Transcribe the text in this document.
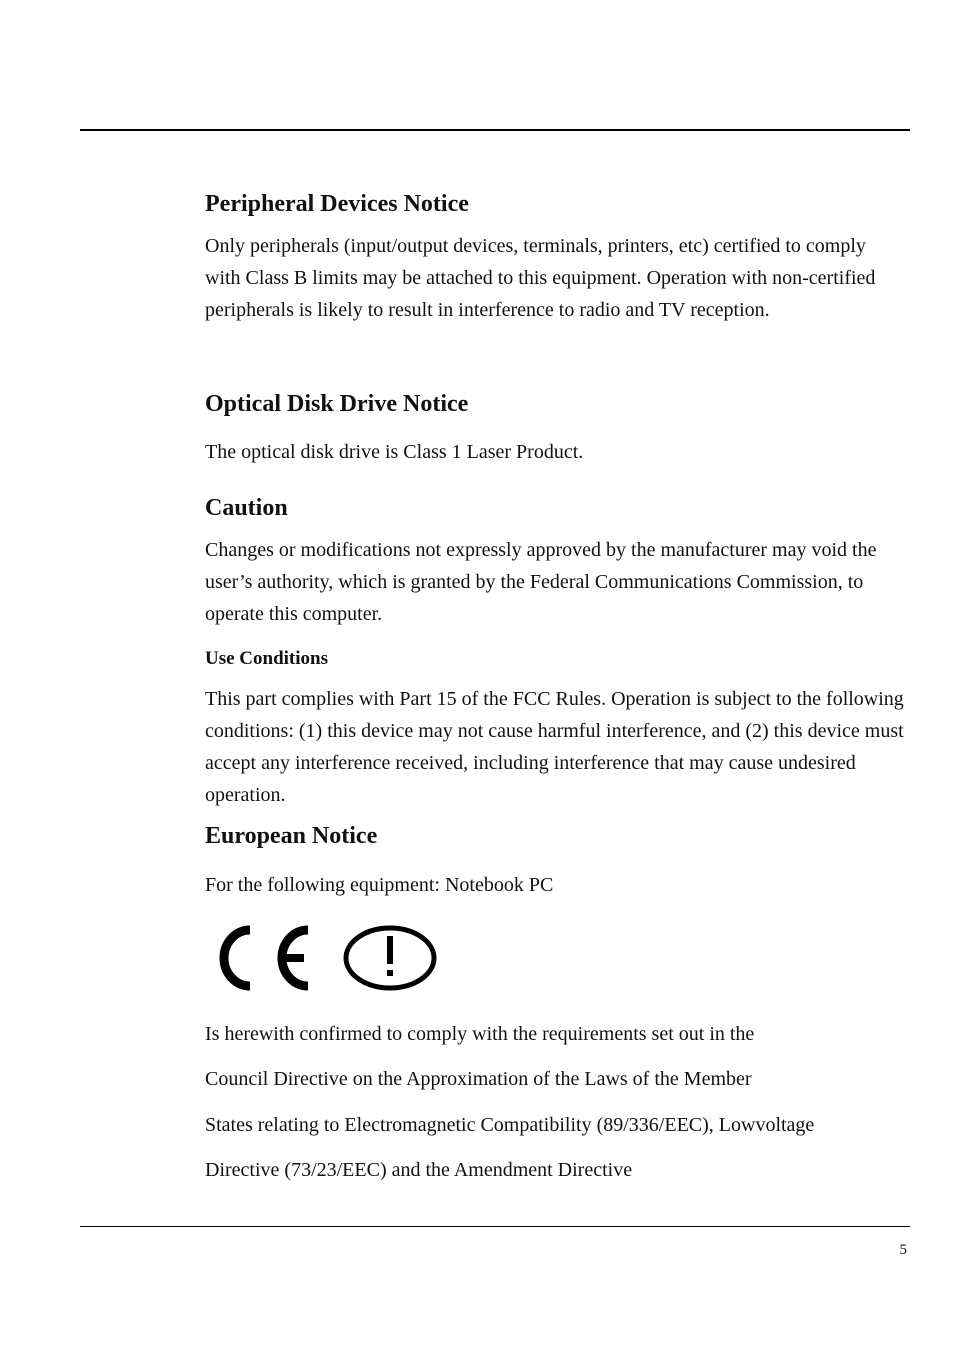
Peripheral Devices Notice

Only peripherals (input/output devices, terminals, printers, etc) certified to comply with Class B limits may be attached to this equipment. Operation with non-certified peripherals is likely to result in interference to radio and TV reception.

Optical Disk Drive Notice

The optical disk drive is Class 1 Laser Product.

Caution

Changes or modifications not expressly approved by the manufacturer may void the user’s authority, which is granted by the Federal Communications Commission, to operate this computer.

Use Conditions

This part complies with Part 15 of the FCC Rules. Operation is subject to the following conditions: (1) this device may not cause harmful interference, and (2) this device must accept any interference received, including interference that may cause undesired operation.

European Notice

For the following equipment: Notebook PC

Is herewith confirmed to comply with the requirements set out in the

Council Directive on the Approximation of the Laws of the Member

States relating to Electromagnetic Compatibility (89/336/EEC), Lowvoltage

Directive (73/23/EEC) and the Amendment Directive

5
